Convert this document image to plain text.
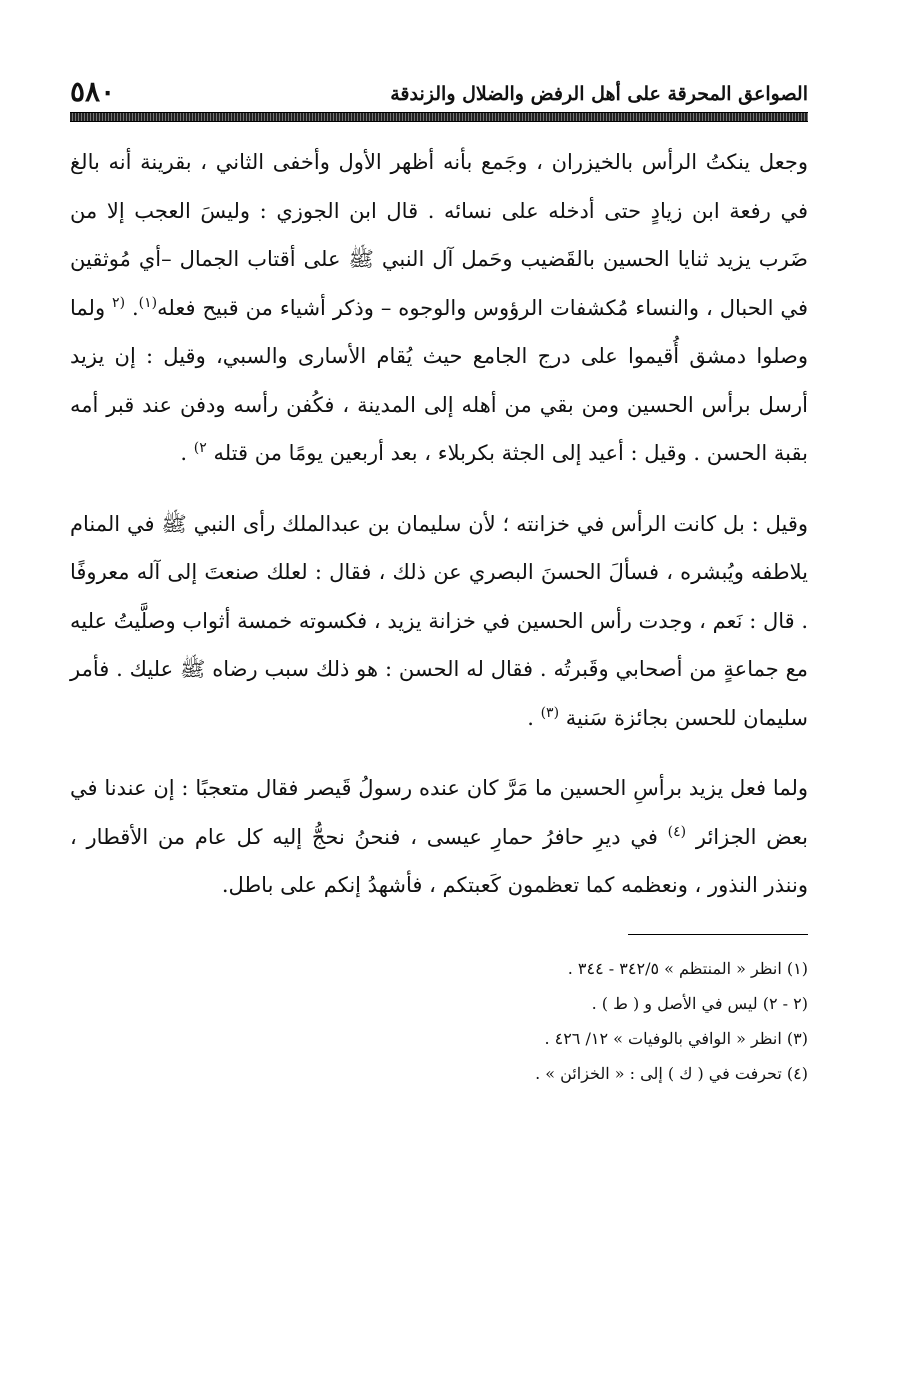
الصواعق المحرقة على أهل الرفض والضلال والزندقة
٥٨٠

وجعل ينكتُ الرأس بالخيزران ، وجَمع بأنه أظهر الأول وأخفى الثاني ، بقرينة أنه بالغ في رفعة ابن زيادٍ حتى أدخله على نسائه . قال ابن الجوزي : وليسَ العجب إلا من ضَرب يزيد ثنايا الحسين بالقَضيب وحَمل آل النبي ﷺ على أقتاب الجمال –أي مُوثقين في الحبال ، والنساء مُكشفات الرؤوس والوجوه – وذكر أشياء من قبيح فعله$^{(١)}$. $^{(٢}$ ولما وصلوا دمشق أُقيموا على درج الجامع حيث يُقام الأسارى والسبي، وقيل : إن يزيد أرسل برأس الحسين ومن بقي من أهله إلى المدينة ، فكُفن رأسه ودفن عند قبر أمه بقبة الحسن . وقيل : أعيد إلى الجثة بكربلاء ، بعد أربعين يومًا من قتله $^{٢)}$ .

وقيل : بل كانت الرأس في خزانته ؛ لأن سليمان بن عبدالملك رأى النبي ﷺ في المنام يلاطفه ويُبشره ، فسألَ الحسنَ البصري عن ذلك ، فقال : لعلك صنعتَ إلى آله معروفًا . قال : نَعم ، وجدت رأس الحسين في خزانة يزيد ، فكسوته خمسة أثواب وصلَّيتُ عليه مع جماعةٍ من أصحابي وقَبرتُه . فقال له الحسن : هو ذلك سبب رضاه ﷺ عليك . فأمر سليمان للحسن بجائزة سَنية $^{(٣)}$ .

ولما فعل يزيد برأسِ الحسين ما مَرَّ كان عنده رسولُ قَيصر فقال متعجبًا : إن عندنا في بعض الجزائر $^{(٤)}$ في ديرِ حافرُ حمارِ عيسى ، فنحنُ نحجُّ إليه كل عام من الأقطار ، وننذر النذور ، ونعظمه كما تعظمون كَعبتكم ، فأشهدُ إنكم على باطل.

(١) انظر « المنتظم » ٣٤٢/٥ - ٣٤٤ .

(٢ - ٢) ليس في الأصل و ( ط ) .

(٣) انظر « الوافي بالوفيات » ١٢/ ٤٢٦ .

(٤) تحرفت في ( ك ) إلى : « الخزائن » .
